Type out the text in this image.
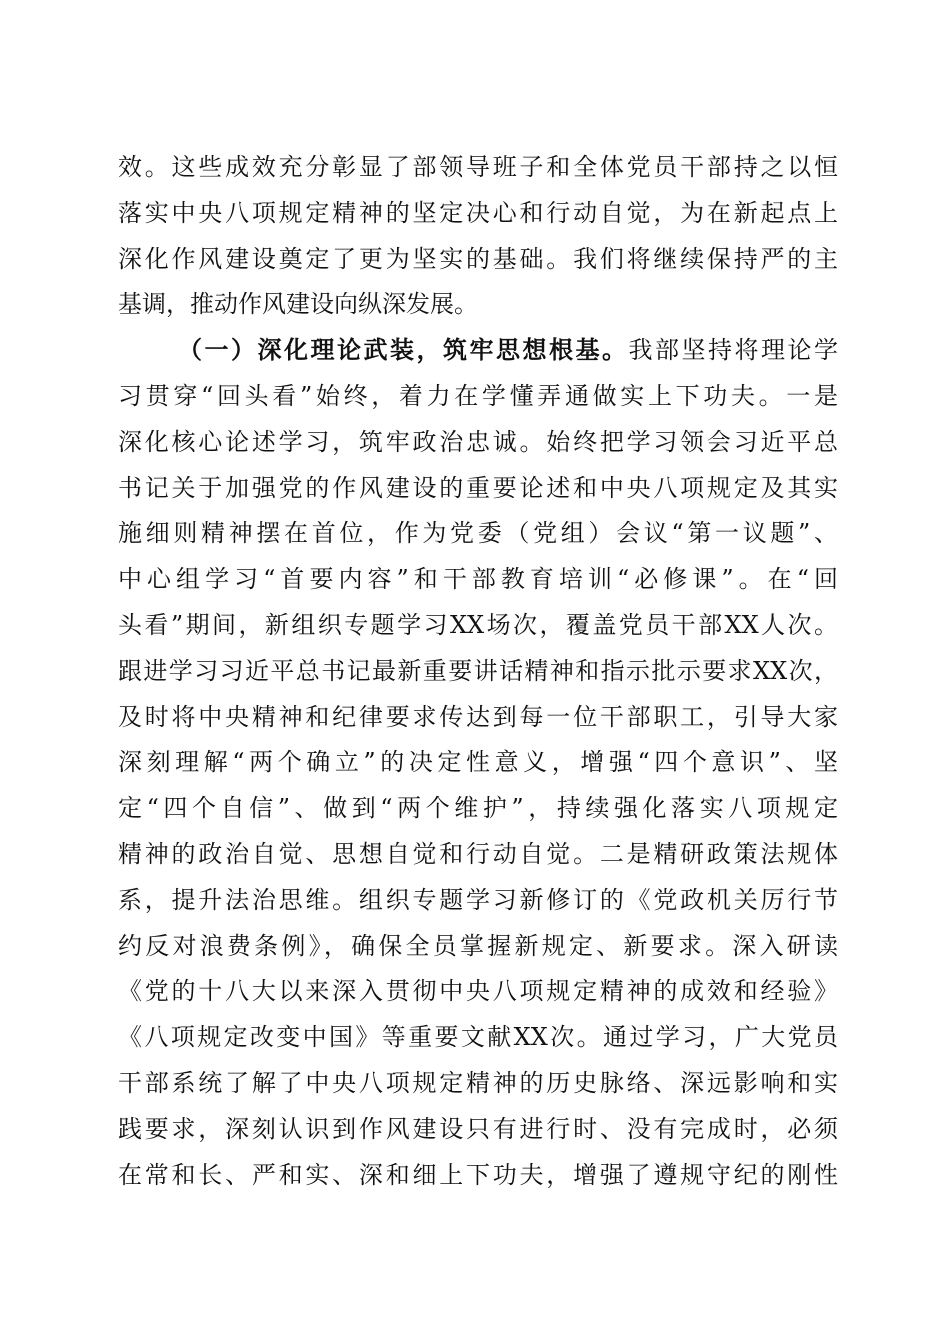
效。这些成效充分彰显了部领导班子和全体党员干部持之以恒
落实中央八项规定精神的坚定决心和行动自觉，为在新起点上
深化作风建设奠定了更为坚实的基础。我们将继续保持严的主
基调，推动作风建设向纵深发展。
（一）深化理论武装，筑牢思想根基。我部坚持将理论学
习贯穿“回头看”始终，着力在学懂弄通做实上下功夫。一是
深化核心论述学习，筑牢政治忠诚。始终把学习领会习近平总
书记关于加强党的作风建设的重要论述和中央八项规定及其实
施细则精神摆在首位，作为党委（党组）会议“第一议题”、
中心组学习“首要内容”和干部教育培训“必修课”。在“回
头看”期间，新组织专题学习XX场次，覆盖党员干部XX人次。
跟进学习习近平总书记最新重要讲话精神和指示批示要求XX次，
及时将中央精神和纪律要求传达到每一位干部职工，引导大家
深刻理解“两个确立”的决定性意义，增强“四个意识”、坚
定“四个自信”、做到“两个维护”，持续强化落实八项规定
精神的政治自觉、思想自觉和行动自觉。二是精研政策法规体
系，提升法治思维。组织专题学习新修订的《党政机关厉行节
约反对浪费条例》，确保全员掌握新规定、新要求。深入研读
《党的十八大以来深入贯彻中央八项规定精神的成效和经验》
《八项规定改变中国》等重要文献XX次。通过学习，广大党员
干部系统了解了中央八项规定精神的历史脉络、深远影响和实
践要求，深刻认识到作风建设只有进行时、没有完成时，必须
在常和长、严和实、深和细上下功夫，增强了遵规守纪的刚性
